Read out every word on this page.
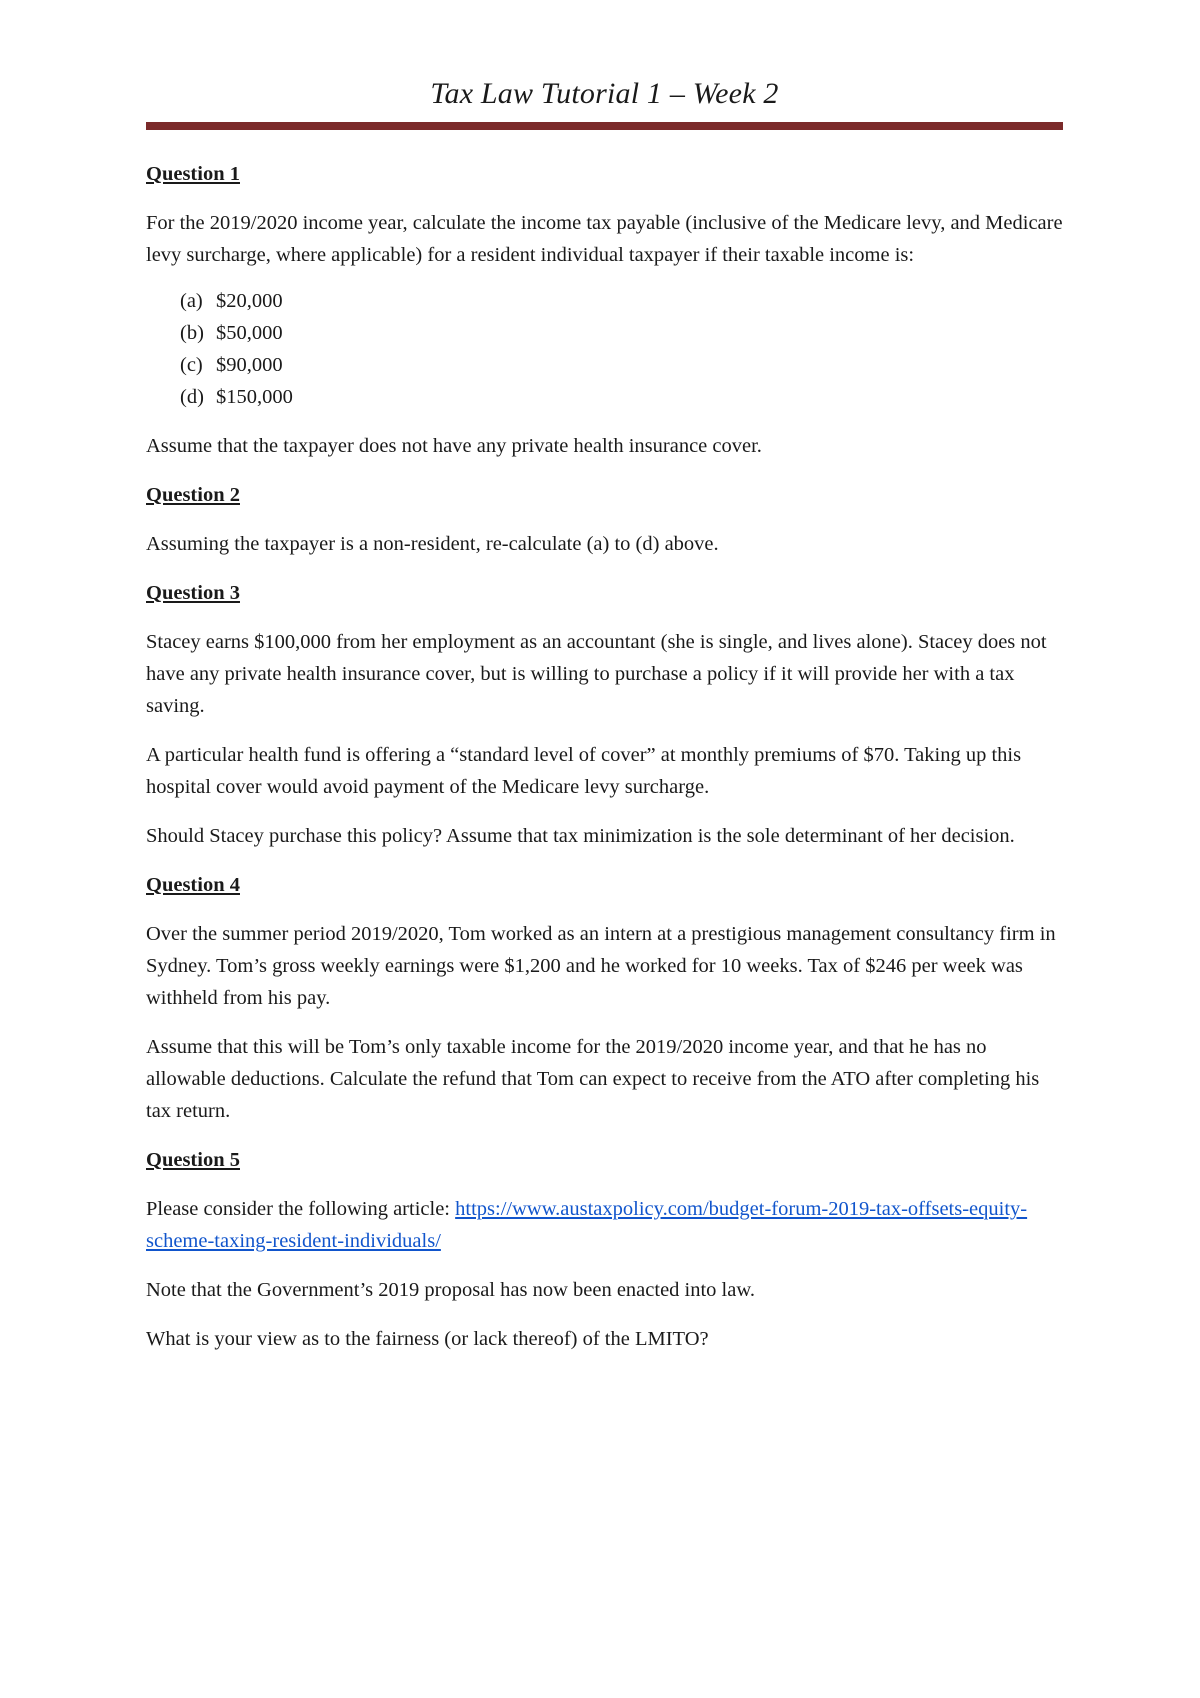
Tax Law Tutorial 1 – Week 2

Question 1

For the 2019/2020 income year, calculate the income tax payable (inclusive of the Medicare levy, and Medicare levy surcharge, where applicable) for a resident individual taxpayer if their taxable income is:

(a) $20,000
(b) $50,000
(c) $90,000
(d) $150,000

Assume that the taxpayer does not have any private health insurance cover.

Question 2

Assuming the taxpayer is a non-resident, re-calculate (a) to (d) above.

Question 3

Stacey earns $100,000 from her employment as an accountant (she is single, and lives alone). Stacey does not have any private health insurance cover, but is willing to purchase a policy if it will provide her with a tax saving.

A particular health fund is offering a “standard level of cover” at monthly premiums of $70. Taking up this hospital cover would avoid payment of the Medicare levy surcharge.

Should Stacey purchase this policy? Assume that tax minimization is the sole determinant of her decision.

Question 4

Over the summer period 2019/2020, Tom worked as an intern at a prestigious management consultancy firm in Sydney. Tom’s gross weekly earnings were $1,200 and he worked for 10 weeks. Tax of $246 per week was withheld from his pay.

Assume that this will be Tom’s only taxable income for the 2019/2020 income year, and that he has no allowable deductions. Calculate the refund that Tom can expect to receive from the ATO after completing his tax return.

Question 5

Please consider the following article: https://www.austaxpolicy.com/budget-forum-2019-tax-offsets-equity-scheme-taxing-resident-individuals/

Note that the Government’s 2019 proposal has now been enacted into law.

What is your view as to the fairness (or lack thereof) of the LMITO?
